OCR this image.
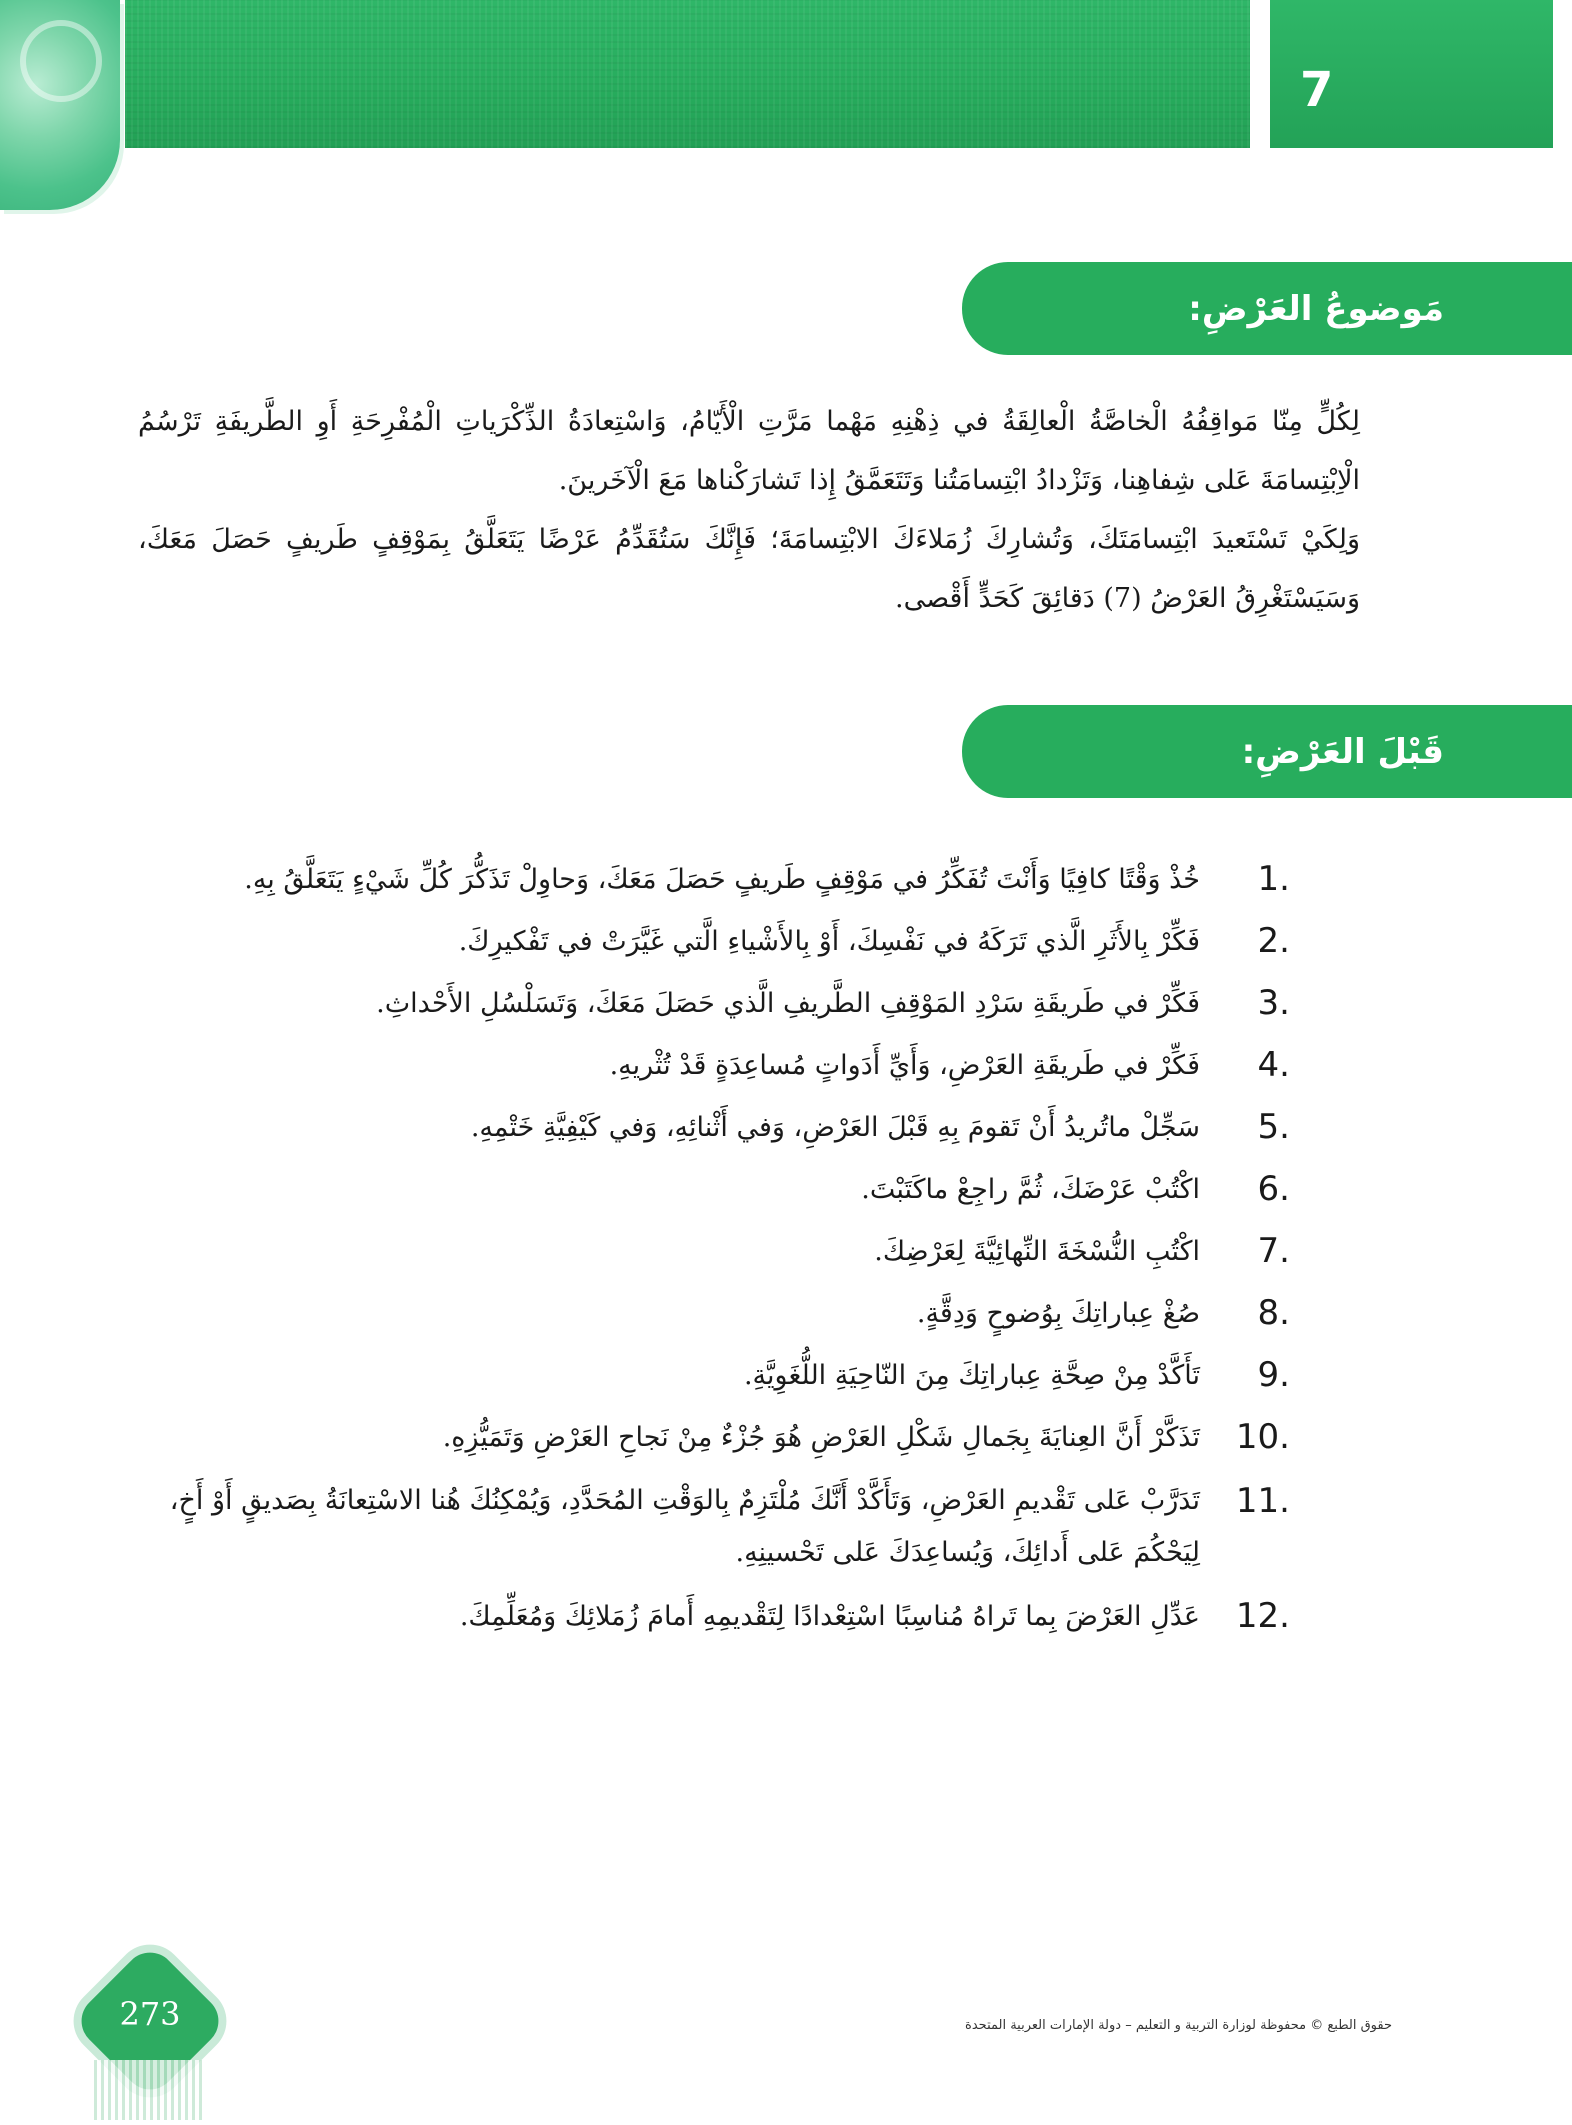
7
مَوضوعُ العَرْضِ:

لِكُلٍّ مِنّا مَواقِفُهُ الْخاصَّةُ الْعالِقَةُ في ذِهْنِهِ مَهْما مَرَّتِ الْأَيّامُ، وَاسْتِعادَةُ الذِّكْرَياتِ الْمُفْرِحَةِ أَوِ الطَّريفَةِ تَرْسُمُ الْاِبْتِسامَةَ عَلى شِفاهِنا، وَتَزْدادُ ابْتِسامَتُنا وَتَتَعَمَّقُ إِذا تَشارَكْناها مَعَ الْآخَرينَ.

وَلِكَيْ تَسْتَعيدَ ابْتِسامَتَكَ، وَتُشارِكَ زُمَلاءَكَ الابْتِسامَةَ؛ فَإِنَّكَ سَتُقَدِّمُ عَرْضًا يَتَعَلَّقُ بِمَوْقِفٍ طَريفٍ حَصَلَ مَعَكَ، وَسَيَسْتَغْرِقُ العَرْضُ (7) دَقائِقَ كَحَدٍّ أَقْصى.

قَبْلَ العَرْضِ:
1.
خُذْ وَقْتًا كافِيًا وَأَنْتَ تُفَكِّرُ في مَوْقِفٍ طَريفٍ حَصَلَ مَعَكَ، وَحاوِلْ تَذَكُّرَ كُلِّ شَيْءٍ يَتَعَلَّقُ بِهِ.
2.
فَكِّرْ بِالأَثَرِ الَّذي تَرَكَهُ في نَفْسِكَ، أَوْ بِالأَشْياءِ الَّتي غَيَّرَتْ في تَفْكيرِكَ.
3.
فَكِّرْ في طَريقَةِ سَرْدِ المَوْقِفِ الطَّريفِ الَّذي حَصَلَ مَعَكَ، وَتَسَلْسُلِ الأَحْداثِ.
4.
فَكِّرْ في طَريقَةِ العَرْضِ، وَأَيِّ أَدَواتٍ مُساعِدَةٍ قَدْ تُثْريهِ.
5.
سَجِّلْ ماتُريدُ أَنْ تَقومَ بِهِ قَبْلَ العَرْضِ، وَفي أَثْنائِهِ، وَفي كَيْفِيَّةِ خَتْمِهِ.
6.
اكْتُبْ عَرْضَكَ، ثُمَّ راجِعْ ماكَتَبْتَ.
7.
اكْتُبِ النُّسْخَةَ النِّهائِيَّةَ لِعَرْضِكَ.
8.
صُغْ عِباراتِكَ بِوُضوحٍ وَدِقَّةٍ.
9.
تَأَكَّدْ مِنْ صِحَّةِ عِباراتِكَ مِنَ النّاحِيَةِ اللُّغَوِيَّةِ.
10.
تَذَكَّرْ أَنَّ العِنايَةَ بِجَمالِ شَكْلِ العَرْضِ هُوَ جُزْءٌ مِنْ نَجاحِ العَرْضِ وَتَمَيُّزِهِ.
11.
تَدَرَّبْ عَلى تَقْديمِ العَرْضِ، وَتَأَكَّدْ أَنَّكَ مُلْتَزِمٌ بِالوَقْتِ المُحَدَّدِ، وَيُمْكِنُكَ هُنا الاسْتِعانَةُ بِصَديقٍ أَوْ أَخٍ، لِيَحْكُمَ عَلى أَدائِكَ، وَيُساعِدَكَ عَلى تَحْسينِهِ.
12.
عَدِّلِ العَرْضَ بِما تَراهُ مُناسِبًا اسْتِعْدادًا لِتَقْديمِهِ أَمامَ زُمَلائِكَ وَمُعَلِّمِكَ.
273	حقوق الطبع © محفوظة لوزارة التربية و التعليم – دولة الإمارات العربية المتحدة
